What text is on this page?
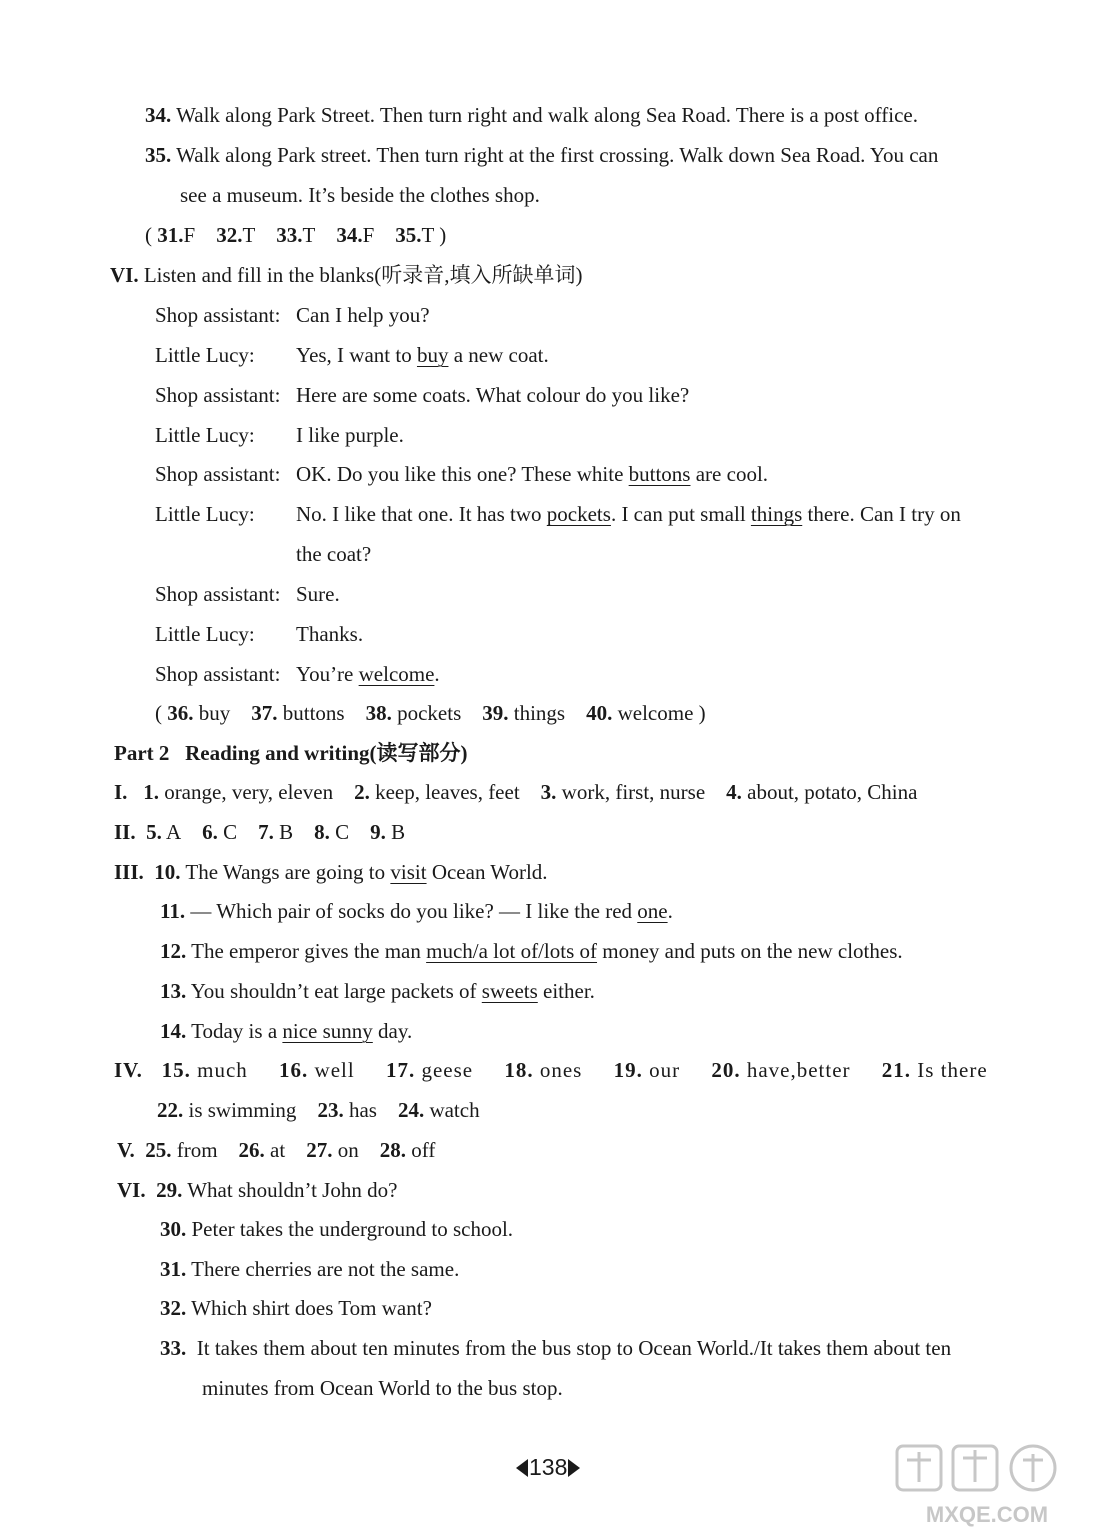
34. Walk along Park Street. Then turn right and walk along Sea Road. There is a post office.
35. Walk along Park street. Then turn right at the first crossing. Walk down Sea Road. You can
see a museum. It’s beside the clothes shop.
( 31.F 32.T 33.T 34.F 35.T )
VI. Listen and fill in the blanks(听录音,填入所缺单词)
Shop assistant: Can I help you?
Little Lucy: Yes, I want to buy a new coat.
Shop assistant: Here are some coats. What colour do you like?
Little Lucy: I like purple.
Shop assistant: OK. Do you like this one? These white buttons are cool.
Little Lucy: No. I like that one. It has two pockets. I can put small things there. Can I try on
the coat?
Shop assistant: Sure.
Little Lucy: Thanks.
Shop assistant: You’re welcome.
( 36. buy 37. buttons 38. pockets 39. things 40. welcome )
Part 2   Reading and writing(读写部分)
I. 1. orange, very, eleven 2. keep, leaves, feet 3. work, first, nurse 4. about, potato, China
II. 5. A 6. C 7. B 8. C 9. B
III. 10. The Wangs are going to visit Ocean World.
11. — Which pair of socks do you like? — I like the red one.
12. The emperor gives the man much/a lot of/lots of money and puts on the new clothes.
13. You shouldn’t eat large packets of sweets either.
14. Today is a nice sunny day.
IV. 15. much 16. well 17. geese 18. ones 19. our 20. have,better 21. Is there
22. is swimming 23. has 24. watch
V. 25. from 26. at 27. on 28. off
VI. 29. What shouldn’t John do?
30. Peter takes the underground to school.
31. There cherries are not the same.
32. Which shirt does Tom want?
33. It takes them about ten minutes from the bus stop to Ocean World./It takes them about ten
minutes from Ocean World to the bus stop.
138
MXQE.COM
